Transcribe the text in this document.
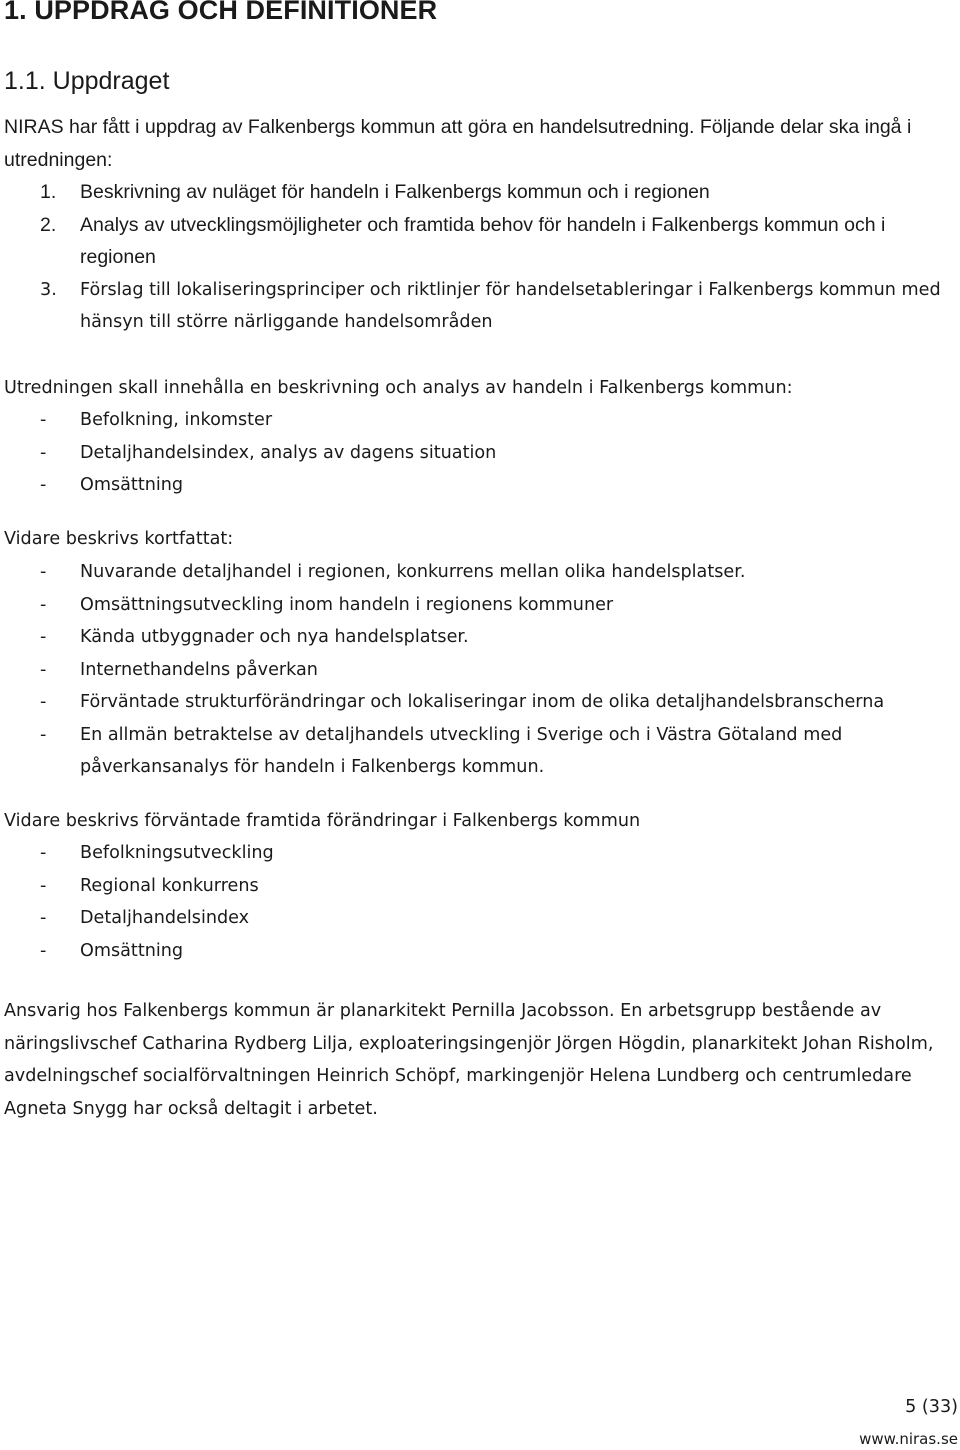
1. UPPDRAG OCH DEFINITIONER
1.1. Uppdraget

NIRAS har fått i uppdrag av Falkenbergs kommun att göra en handelsutredning. Följande delar ska ingå i utredningen:

1. Beskrivning av nuläget för handeln i Falkenbergs kommun och i regionen
2. Analys av utvecklingsmöjligheter och framtida behov för handeln i Falkenbergs kommun och i regionen
3. Förslag till lokaliseringsprinciper och riktlinjer för handelsetableringar i Falkenbergs kommun med hänsyn till större närliggande handelsområden

Utredningen skall innehålla en beskrivning och analys av handeln i Falkenbergs kommun:

- Befolkning, inkomster
- Detaljhandelsindex, analys av dagens situation
- Omsättning

Vidare beskrivs kortfattat:

- Nuvarande detaljhandel i regionen, konkurrens mellan olika handelsplatser.
- Omsättningsutveckling inom handeln i regionens kommuner
- Kända utbyggnader och nya handelsplatser.
- Internethandelns påverkan
- Förväntade strukturförändringar och lokaliseringar inom de olika detaljhandelsbranscherna
- En allmän betraktelse av detaljhandels utveckling i Sverige och i Västra Götaland med påverkansanalys för handeln i Falkenbergs kommun.

Vidare beskrivs förväntade framtida förändringar i Falkenbergs kommun

- Befolkningsutveckling
- Regional konkurrens
- Detaljhandelsindex
- Omsättning

Ansvarig hos Falkenbergs kommun är planarkitekt Pernilla Jacobsson. En arbetsgrupp bestående av näringslivschef Catharina Rydberg Lilja, exploateringsingenjör Jörgen Högdin, planarkitekt Johan Risholm, avdelningschef socialförvaltningen Heinrich Schöpf, markingenjör Helena Lundberg och centrumledare Agneta Snygg har också deltagit i arbetet.

5 (33)
www.niras.se
